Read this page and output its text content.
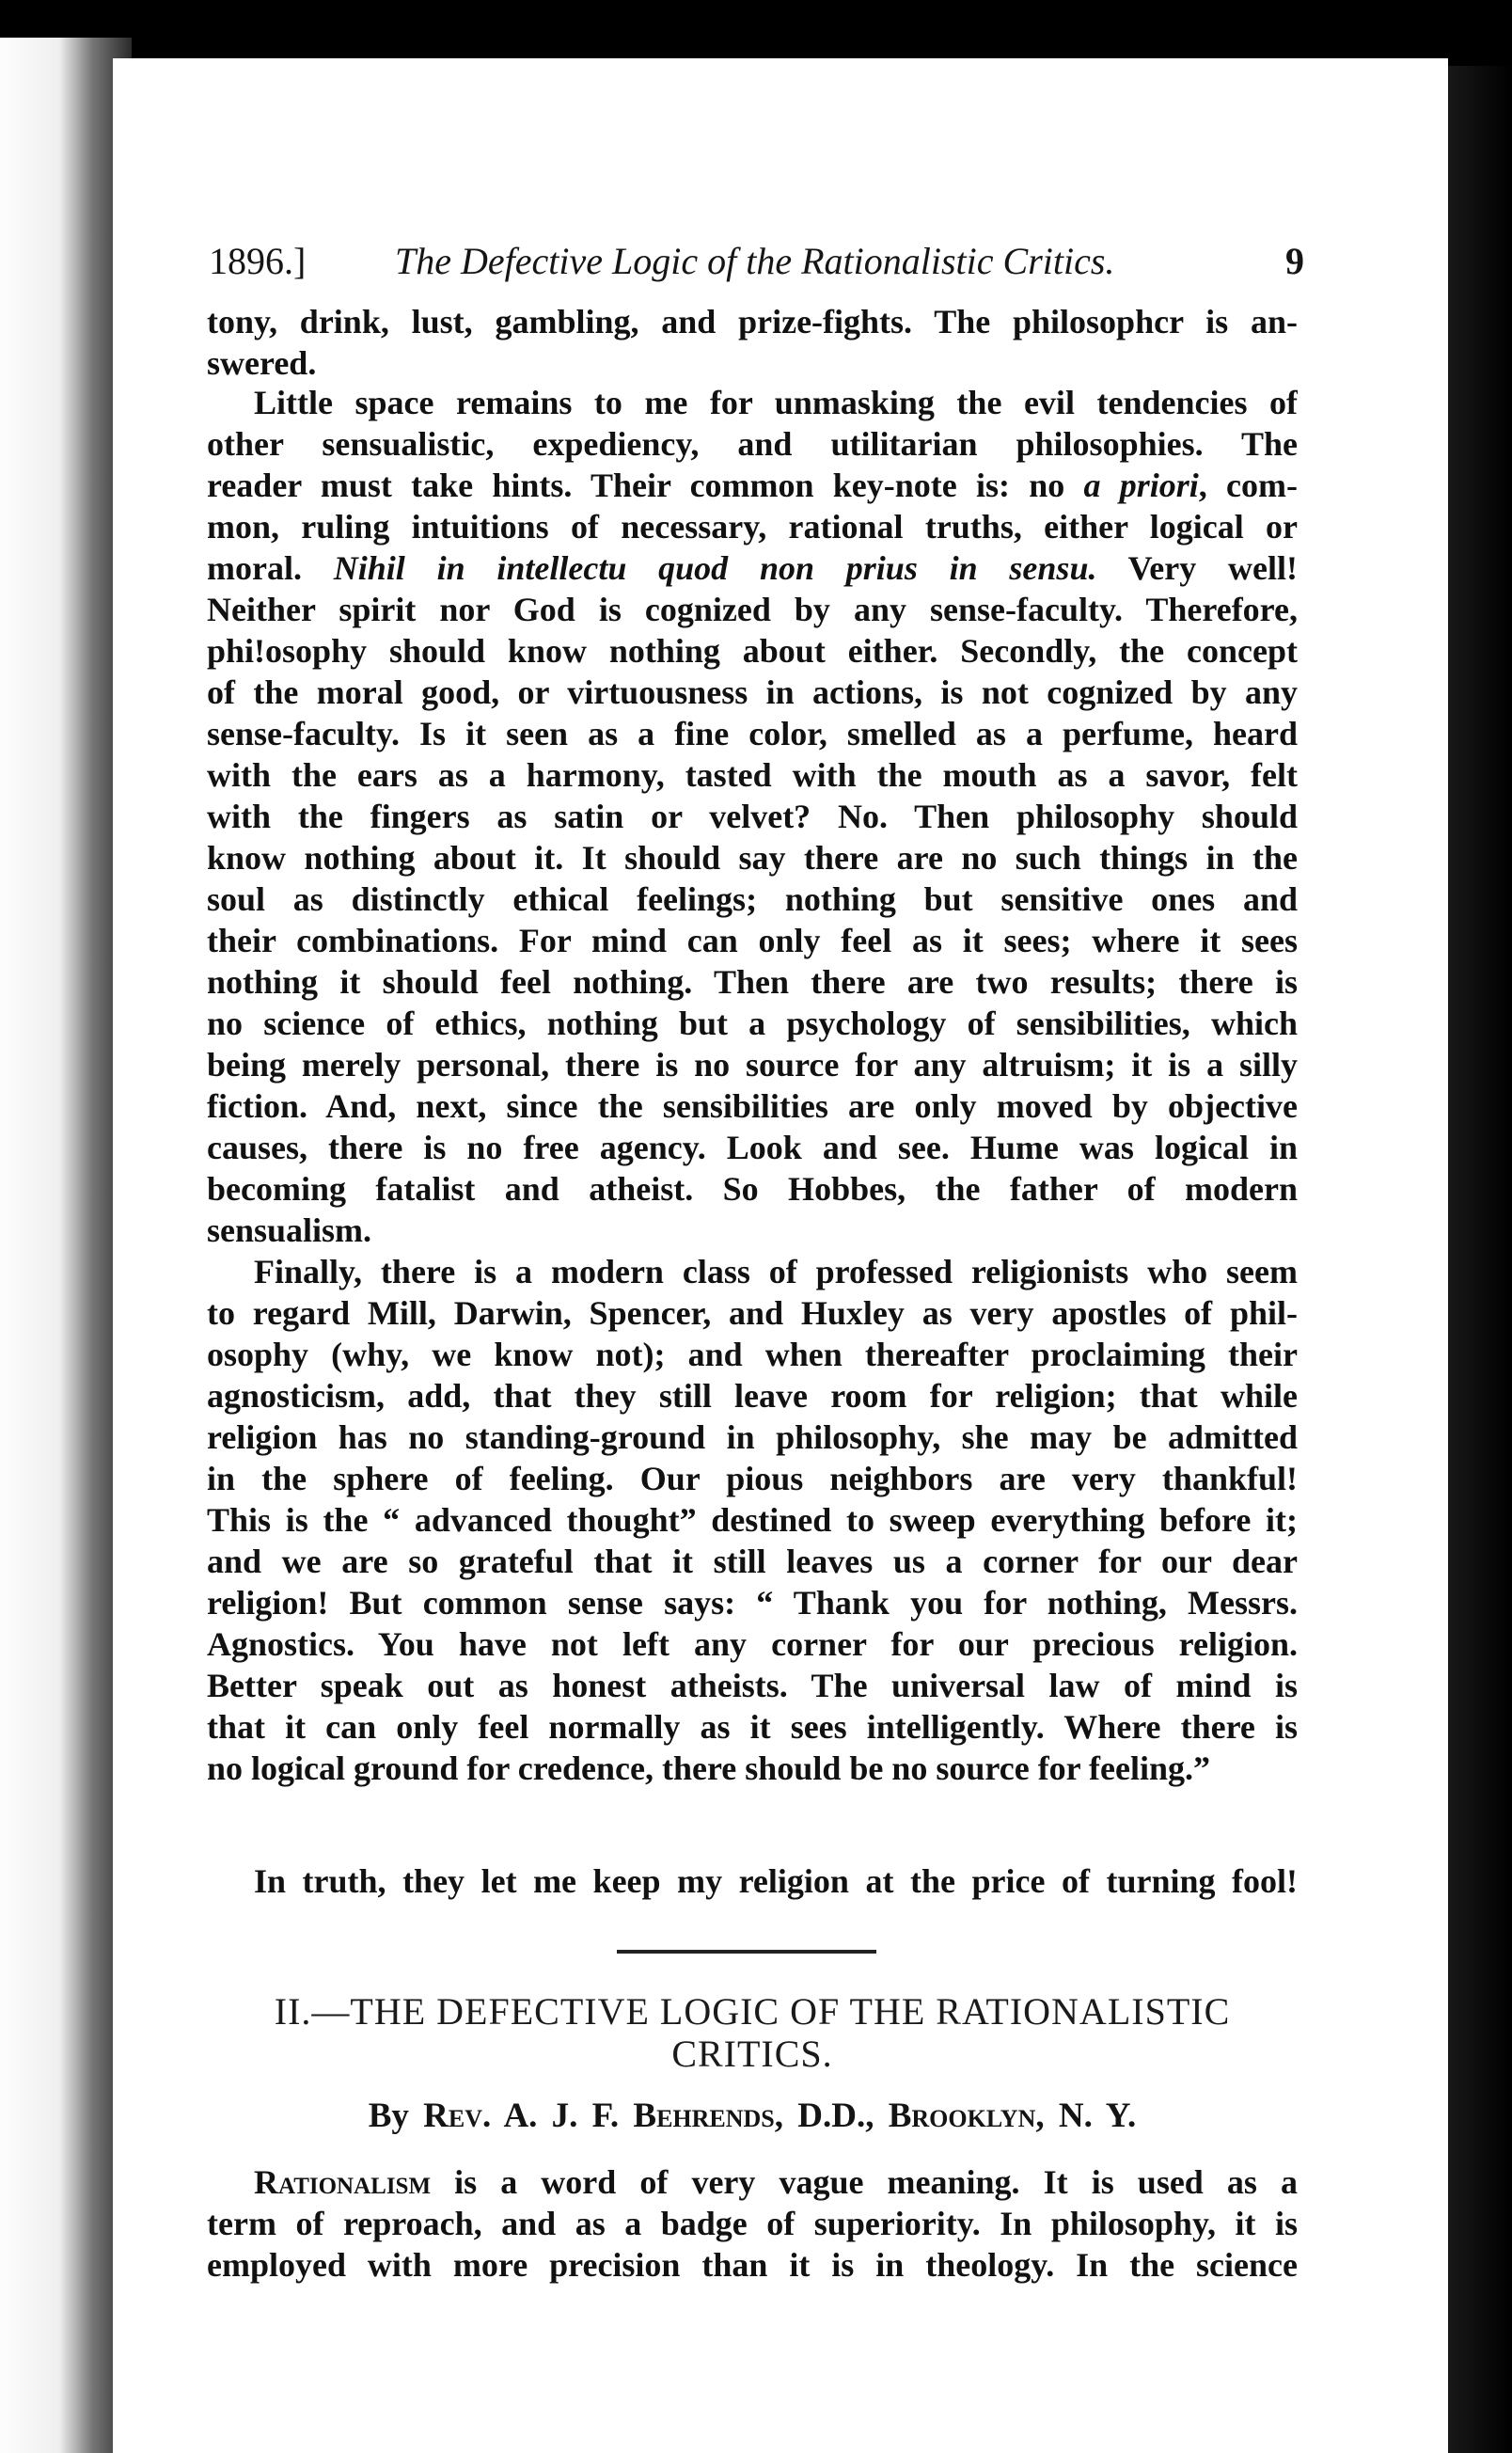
1896.] The Defective Logic of the Rationalistic Critics.	9
tony, drink, lust, gambling, and prize-fights. The philosophcr is an-
swered.
Little space remains to me for unmasking the evil tendencies of
other sensualistic, expediency, and utilitarian philosophies. The
reader must take hints. Their common key-note is: no a priori, com-
mon, ruling intuitions of necessary, rational truths, either logical or
moral. Nihil in intellectu quod non prius in sensu. Very well!
Neither spirit nor God is cognized by any sense-faculty. Therefore,
phi!osophy should know nothing about either. Secondly, the concept
of the moral good, or virtuousness in actions, is not cognized by any
sense-faculty. Is it seen as a fine color, smelled as a perfume, heard
with the ears as a harmony, tasted with the mouth as a savor, felt
with the fingers as satin or velvet? No. Then philosophy should
know nothing about it. It should say there are no such things in the
soul as distinctly ethical feelings; nothing but sensitive ones and
their combinations. For mind can only feel as it sees; where it sees
nothing it should feel nothing. Then there are two results; there is
no science of ethics, nothing but a psychology of sensibilities, which
being merely personal, there is no source for any altruism; it is a silly
fiction. And, next, since the sensibilities are only moved by objective
causes, there is no free agency. Look and see. Hume was logical in
becoming fatalist and atheist. So Hobbes, the father of modern
sensualism.
Finally, there is a modern class of professed religionists who seem
to regard Mill, Darwin, Spencer, and Huxley as very apostles of phil-
osophy (why, we know not); and when thereafter proclaiming their
agnosticism, add, that they still leave room for religion; that while
religion has no standing-ground in philosophy, she may be admitted
in the sphere of feeling. Our pious neighbors are very thankful!
This is the “ advanced thought” destined to sweep everything before it;
and we are so grateful that it still leaves us a corner for our dear
religion! But common sense says: “ Thank you for nothing, Messrs.
Agnostics. You have not left any corner for our precious religion.
Better speak out as honest atheists. The universal law of mind is
that it can only feel normally as it sees intelligently. Where there is
no logical ground for credence, there should be no source for feeling.”
In truth, they let me keep my religion at the price of turning fool!
II.—THE DEFECTIVE LOGIC OF THE RATIONALISTIC
CRITICS.
By Rev. A. J. F. Behrends, D.D., Brooklyn, N. Y.
Rationalism is a word of very vague meaning. It is used as a
term of reproach, and as a badge of superiority. In philosophy, it is
employed with more precision than it is in theology. In the science
